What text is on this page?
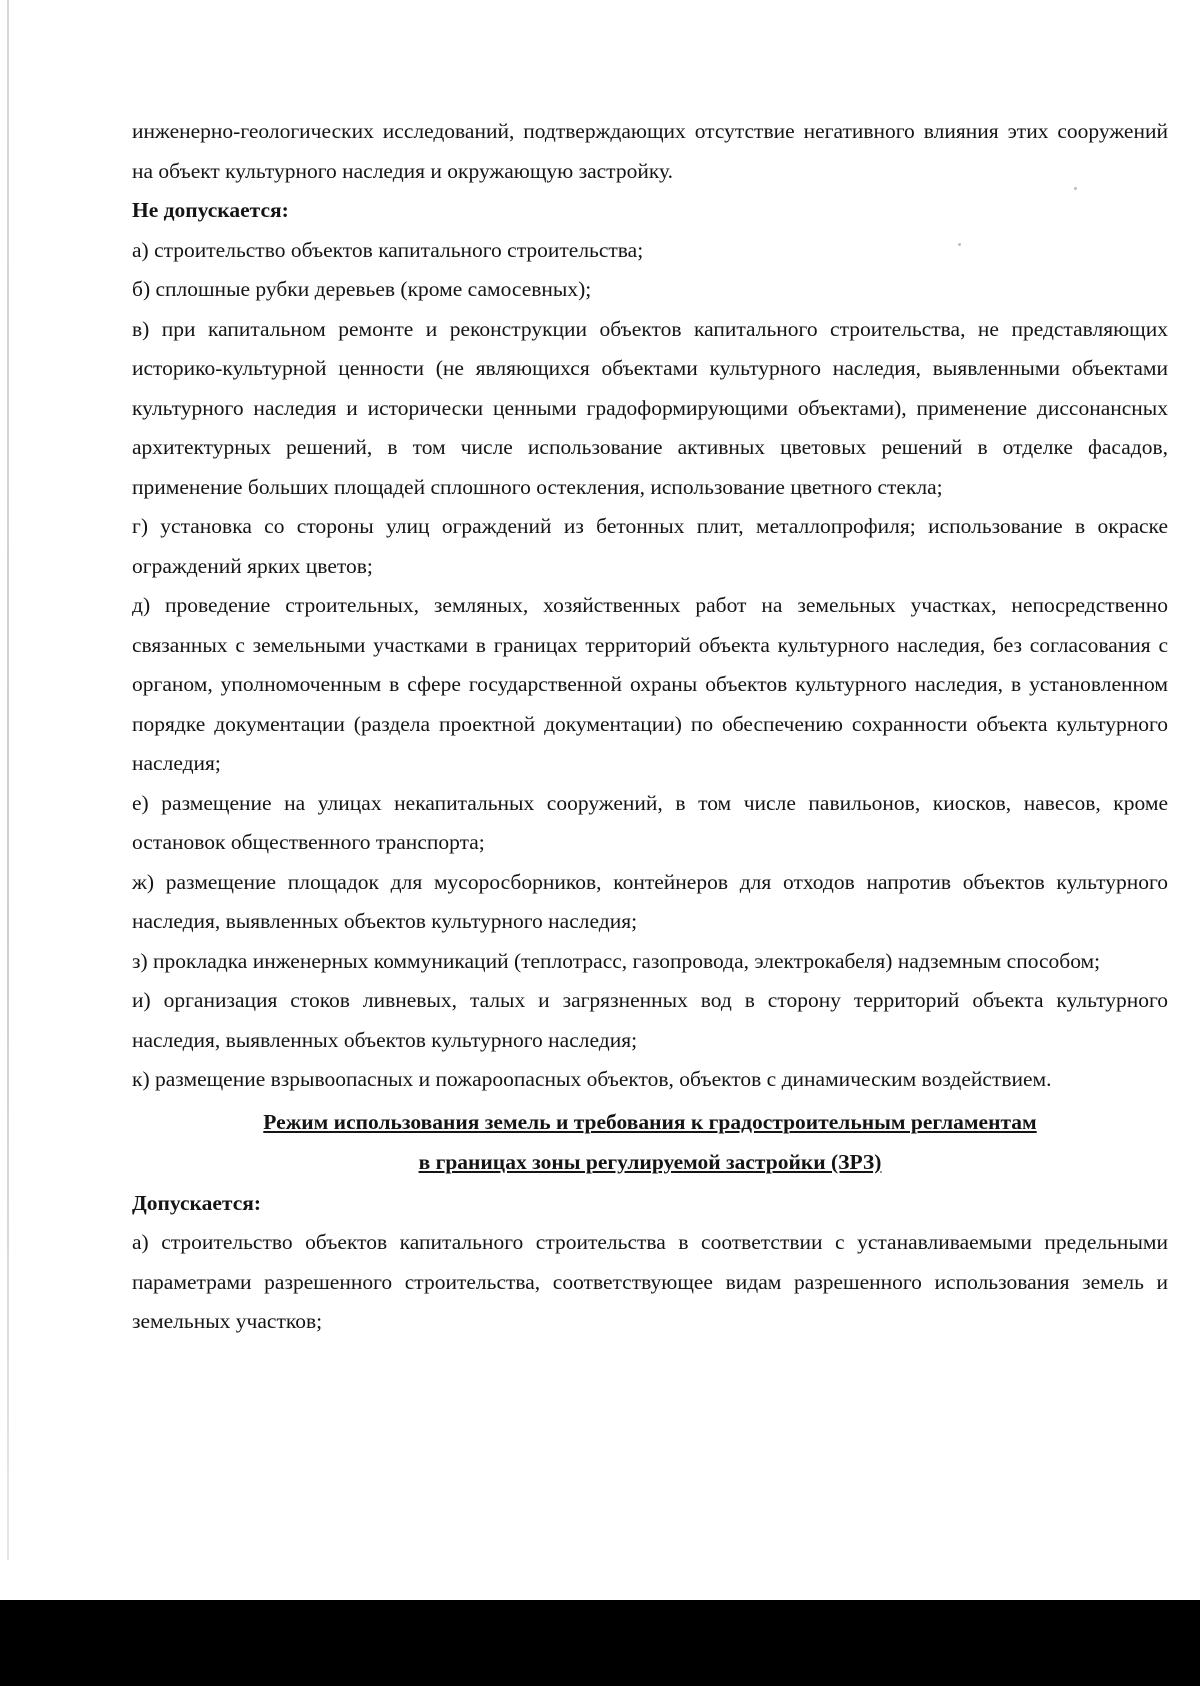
инженерно-геологических исследований, подтверждающих отсутствие негативного влияния этих сооружений на объект культурного наследия и окружающую застройку.

Не допускается:

а) строительство объектов капитального строительства;

б) сплошные рубки деревьев (кроме самосевных);

в) при капитальном ремонте и реконструкции объектов капитального строительства, не представляющих историко-культурной ценности (не являющихся объектами культурного наследия, выявленными объектами культурного наследия и исторически ценными градоформирующими объектами), применение диссонансных архитектурных решений, в том числе использование активных цветовых решений в отделке фасадов, применение больших площадей сплошного остекления, использование цветного стекла;

г) установка со стороны улиц ограждений из бетонных плит, металлопрофиля; использование в окраске ограждений ярких цветов;

д) проведение строительных, земляных, хозяйственных работ на земельных участках, непосредственно связанных с земельными участками в границах территорий объекта культурного наследия, без согласования с органом, уполномоченным в сфере государственной охраны объектов культурного наследия, в установленном порядке документации (раздела проектной документации) по обеспечению сохранности объекта культурного наследия;

е) размещение на улицах некапитальных сооружений, в том числе павильонов, киосков, навесов, кроме остановок общественного транспорта;

ж) размещение площадок для мусоросборников, контейнеров для отходов напротив объектов культурного наследия, выявленных объектов культурного наследия;

з) прокладка инженерных коммуникаций (теплотрасс, газопровода, электрокабеля) надземным способом;

и) организация стоков ливневых, талых и загрязненных вод в сторону территорий объекта культурного наследия, выявленных объектов культурного наследия;

к) размещение взрывоопасных и пожароопасных объектов, объектов с динамическим воздействием.

Режим использования земель и требования к градостроительным регламентам

в границах зоны регулируемой застройки (ЗРЗ)

Допускается:

а) строительство объектов капитального строительства в соответствии с устанавливаемыми предельными параметрами разрешенного строительства, соответствующее видам разрешенного использования земель и земельных участков;
